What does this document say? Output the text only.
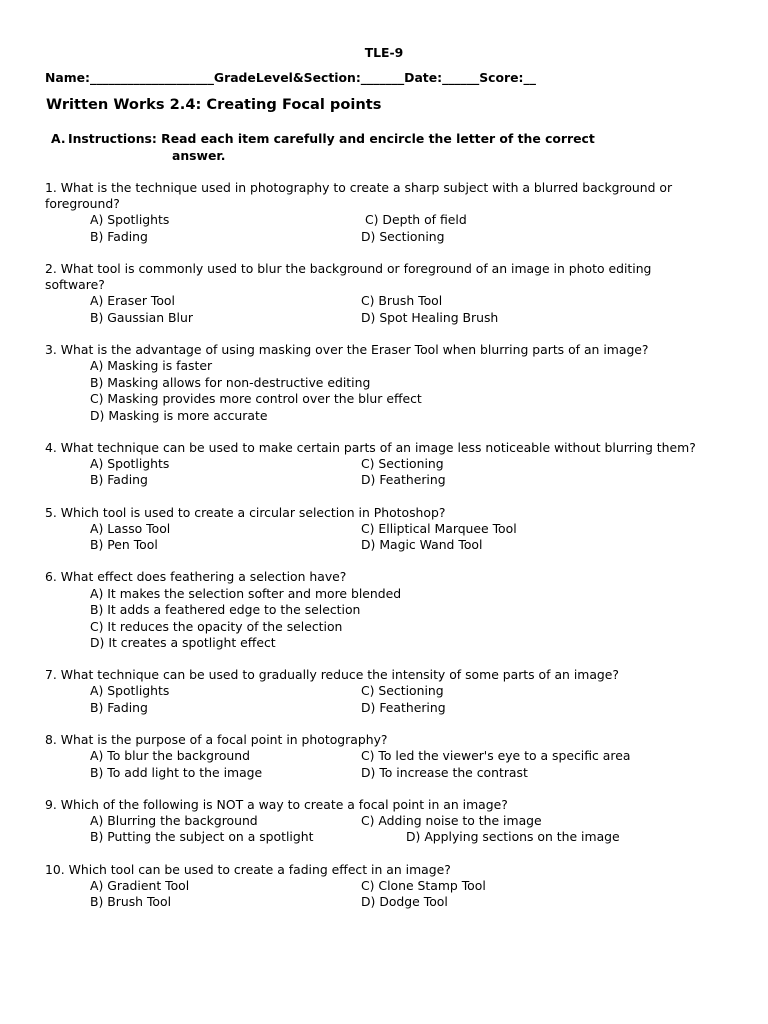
TLE-9
Name:____________________GradeLevel&Section:_______Date:______Score:__
Written Works 2.4: Creating Focal points
A. Instructions: Read each item carefully and encircle the letter of the correct
answer.
1. What is the technique used in photography to create a sharp subject with a blurred background or
foreground?
A) Spotlights	C) Depth of field
B) Fading	D) Sectioning
2. What tool is commonly used to blur the background or foreground of an image in photo editing
software?
A) Eraser Tool	C) Brush Tool
B) Gaussian Blur	D) Spot Healing Brush
3. What is the advantage of using masking over the Eraser Tool when blurring parts of an image?
A) Masking is faster
B) Masking allows for non-destructive editing
C) Masking provides more control over the blur effect
D) Masking is more accurate
4. What technique can be used to make certain parts of an image less noticeable without blurring them?
A) Spotlights	C) Sectioning
B) Fading	D) Feathering
5. Which tool is used to create a circular selection in Photoshop?
A) Lasso Tool	C) Elliptical Marquee Tool
B) Pen Tool	D) Magic Wand Tool
6. What effect does feathering a selection have?
A) It makes the selection softer and more blended
B) It adds a feathered edge to the selection
C) It reduces the opacity of the selection
D) It creates a spotlight effect
7. What technique can be used to gradually reduce the intensity of some parts of an image?
A) Spotlights	C) Sectioning
B) Fading	D) Feathering
8. What is the purpose of a focal point in photography?
A) To blur the background	C) To led the viewer's eye to a specific area
B) To add light to the image	D) To increase the contrast
9. Which of the following is NOT a way to create a focal point in an image?
A) Blurring the background	C) Adding noise to the image
B) Putting the subject on a spotlight	D) Applying sections on the image
10. Which tool can be used to create a fading effect in an image?
A) Gradient Tool	C) Clone Stamp Tool
B) Brush Tool	D) Dodge Tool
